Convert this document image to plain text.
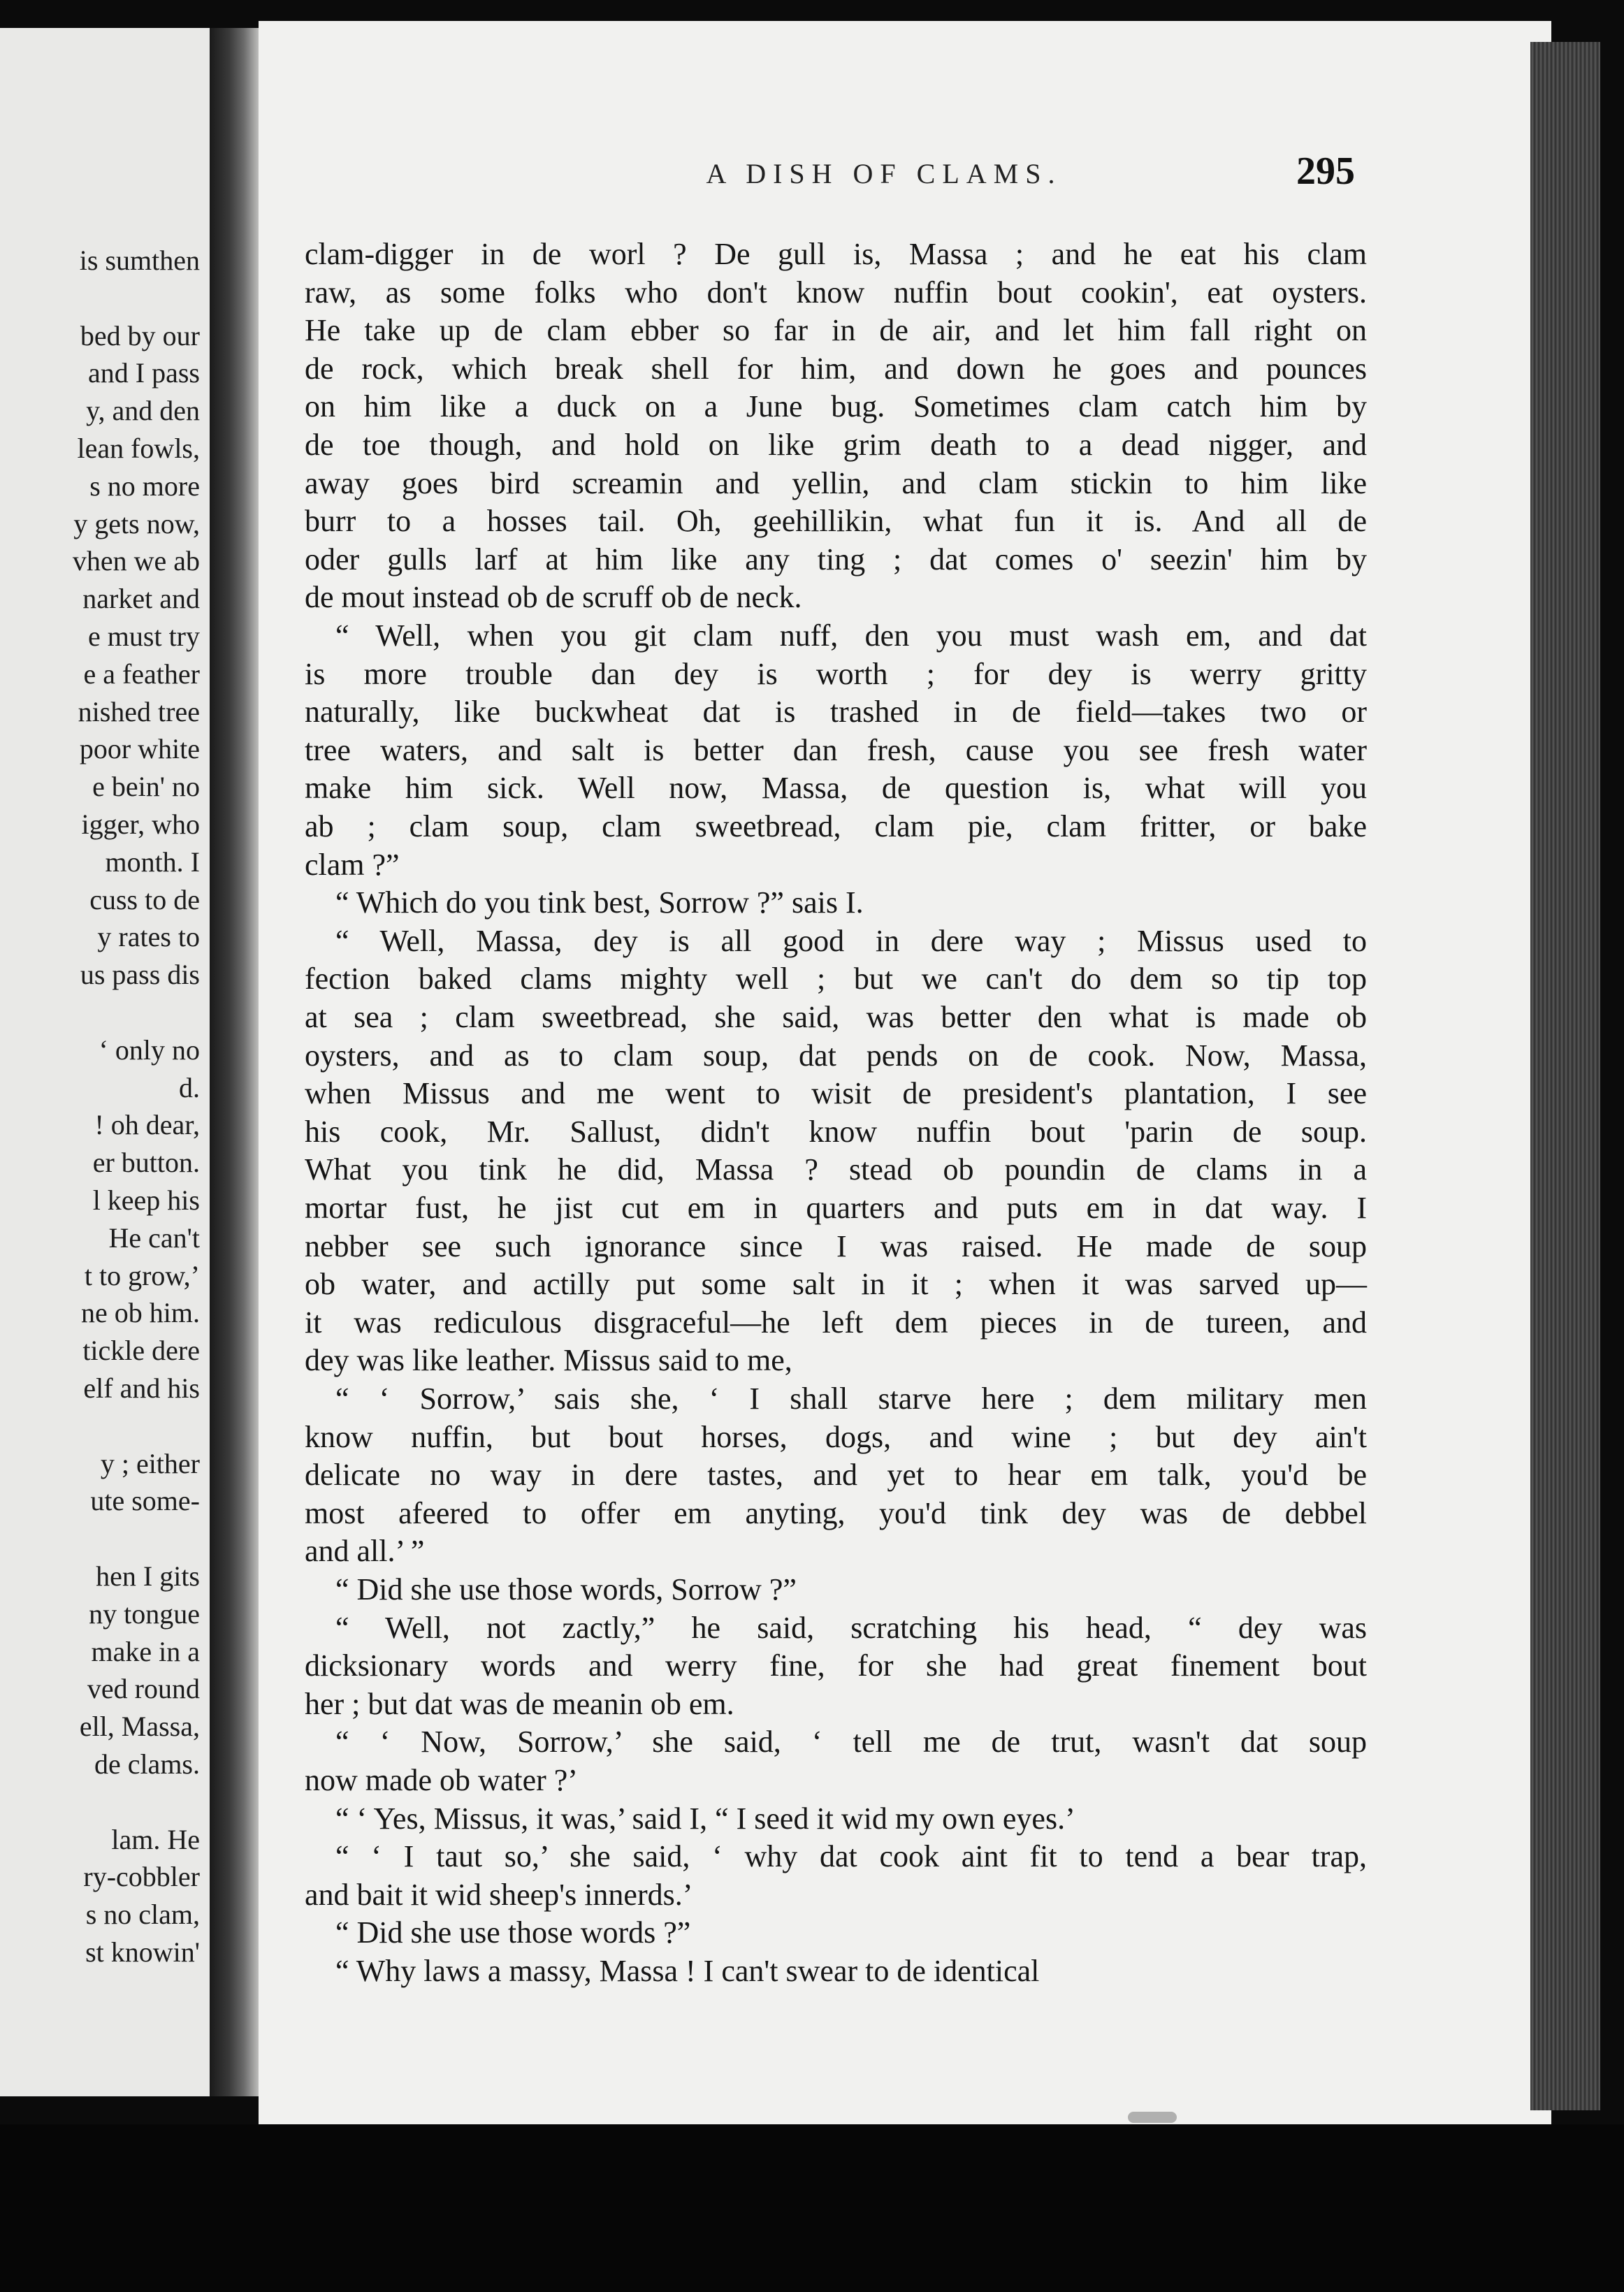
is sumthen
bed by our
and I pass
y, and den
lean fowls,
s no more
y gets now,
vhen we ab
narket and
e must try
e a feather
nished tree
poor white
e bein' no
igger, who
month. I
cuss to de
y rates to
us pass dis
‘ only no
d.
! oh dear,
er button.
l keep his
He can't
t to grow,’
ne ob him.
tickle dere
elf and his
y ; either
ute some-
hen I gits
ny tongue
make in a
ved round
ell, Massa,
de clams.
lam. He
ry-cobbler
s no clam,
st knowin'
A DISH OF CLAMS.	295
clam-digger in de worl ? De gull is, Massa ; and he eat his clam
raw, as some folks who don't know nuffin bout cookin', eat oysters.
He take up de clam ebber so far in de air, and let him fall right on
de rock, which break shell for him, and down he goes and pounces
on him like a duck on a June bug. Sometimes clam catch him by
de toe though, and hold on like grim death to a dead nigger, and
away goes bird screamin and yellin, and clam stickin to him like
burr to a hosses tail. Oh, geehillikin, what fun it is. And all de
oder gulls larf at him like any ting ; dat comes o' seezin' him by
de mout instead ob de scruff ob de neck.
“ Well, when you git clam nuff, den you must wash em, and dat
is more trouble dan dey is worth ; for dey is werry gritty
naturally, like buckwheat dat is trashed in de field—takes two or
tree waters, and salt is better dan fresh, cause you see fresh water
make him sick. Well now, Massa, de question is, what will you
ab ; clam soup, clam sweetbread, clam pie, clam fritter, or bake
clam ?”
“ Which do you tink best, Sorrow ?” sais I.
“ Well, Massa, dey is all good in dere way ; Missus used to
fection baked clams mighty well ; but we can't do dem so tip top
at sea ; clam sweetbread, she said, was better den what is made ob
oysters, and as to clam soup, dat pends on de cook. Now, Massa,
when Missus and me went to wisit de president's plantation, I see
his cook, Mr. Sallust, didn't know nuffin bout 'parin de soup.
What you tink he did, Massa ? stead ob poundin de clams in a
mortar fust, he jist cut em in quarters and puts em in dat way. I
nebber see such ignorance since I was raised. He made de soup
ob water, and actilly put some salt in it ; when it was sarved up—
it was rediculous disgraceful—he left dem pieces in de tureen, and
dey was like leather. Missus said to me,
“ ‘ Sorrow,’ sais she, ‘ I shall starve here ; dem military men
know nuffin, but bout horses, dogs, and wine ; but dey ain't
delicate no way in dere tastes, and yet to hear em talk, you'd be
most afeered to offer em anyting, you'd tink dey was de debbel
and all.’ ”
“ Did she use those words, Sorrow ?”
“ Well, not zactly,” he said, scratching his head, “ dey was
dicksionary words and werry fine, for she had great finement bout
her ; but dat was de meanin ob em.
“ ‘ Now, Sorrow,’ she said, ‘ tell me de trut, wasn't dat soup
now made ob water ?’
“ ‘ Yes, Missus, it was,’ said I, “ I seed it wid my own eyes.’
“ ‘ I taut so,’ she said, ‘ why dat cook aint fit to tend a bear trap,
and bait it wid sheep's innerds.’
“ Did she use those words ?”
“ Why laws a massy, Massa ! I can't swear to de identical
